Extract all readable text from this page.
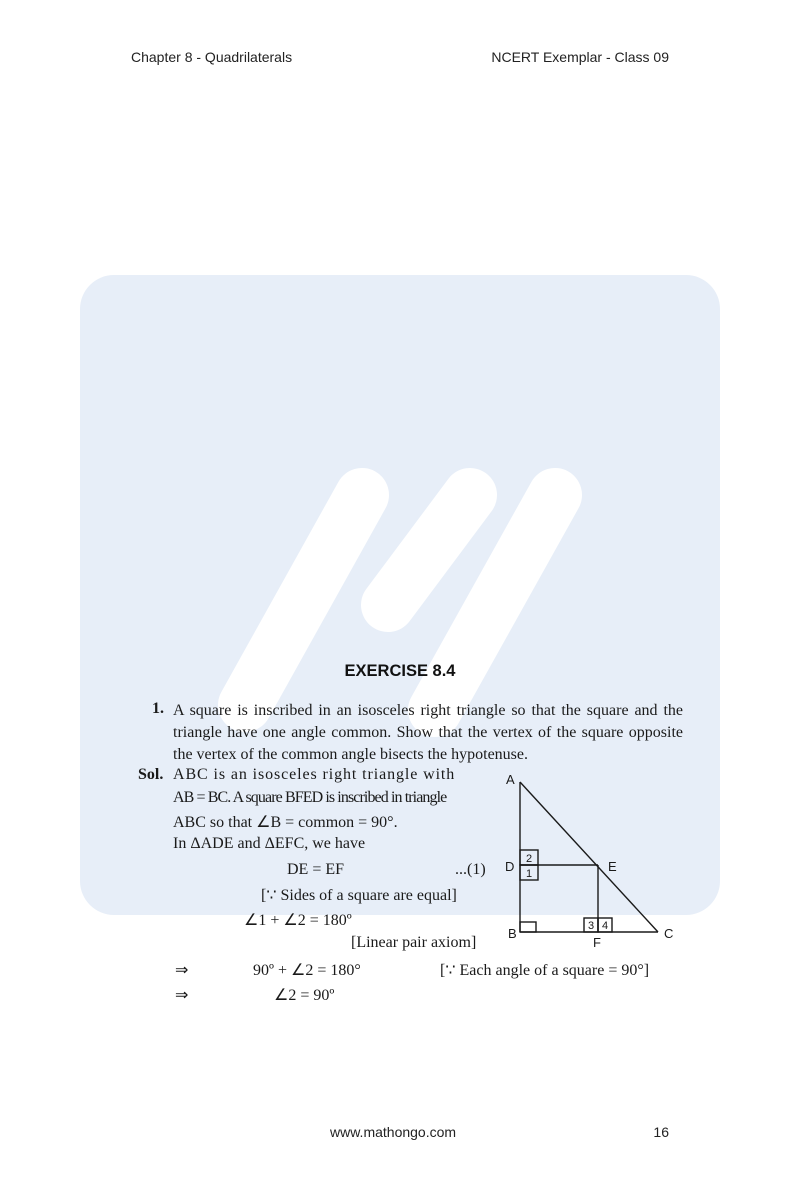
Chapter 8 - Quadrilaterals	NCERT Exemplar - Class 09
EXERCISE 8.4
1. A square is inscribed in an isosceles right triangle so that the square and the triangle have one angle common. Show that the vertex of the square opposite the vertex of the common angle bisects the hypotenuse.
Sol. ABC is an isosceles right triangle with
AB = BC. A square BFED is inscribed in triangle
ABC so that ∠B = common = 90°.
In ΔADE and ΔEFC, we have
DE = EF	...(1)
[∵ Sides of a square are equal]
∠1 + ∠2 = 180º
[Linear pair axiom]
⇒	90º + ∠2 = 180°	[∵ Each angle of a square = 90°]
⇒	∠2 = 90º
A
D
B
E
F
C
2
1
3 4
www.mathongo.com	16
